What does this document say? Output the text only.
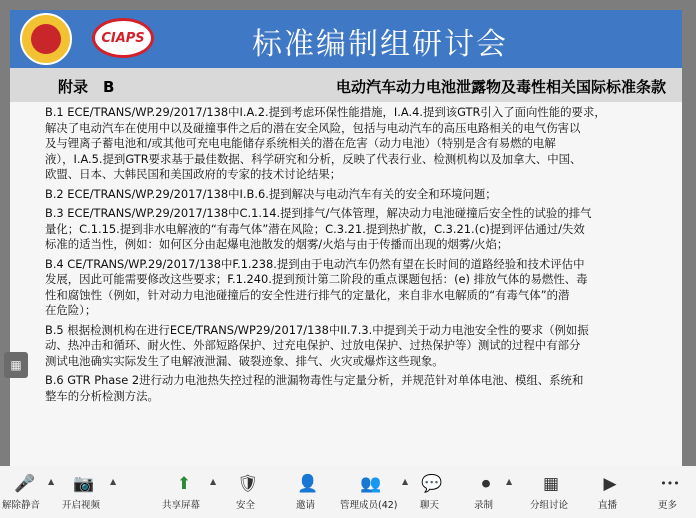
CIAPS	标准编制组研讨会
附录　B	电动汽车动力电池泄露物及毒性相关国际标准条款
B.1 ECE/TRANS/WP.29/2017/138中I.A.2.提到考虑环保性能措施，I.A.4.提到该GTR引入了面向性能的要求，
解决了电动汽车在使用中以及碰撞事件之后的潜在安全风险，包括与电动汽车的高压电路相关的电气伤害以
及与锂离子蓄电池和/或其他可充电电能储存系统相关的潜在危害（动力电池）（特别是含有易燃的电解
液），I.A.5.提到GTR要求基于最佳数据、科学研究和分析，反映了代表行业、检测机构以及加拿大、中国、
欧盟、日本、大韩民国和美国政府的专家的技术讨论结果；
B.2 ECE/TRANS/WP.29/2017/138中I.B.6.提到解决与电动汽车有关的安全和环境问题；
B.3 ECE/TRANS/WP.29/2017/138中C.1.14.提到排气/气体管理，解决动力电池碰撞后安全性的试验的排气
量化；C.1.15.提到非水电解液的“有毒气体”潜在风险；C.3.21.提到热扩散，C.3.21.(c)提到评估通过/失效
标准的适当性，例如：如何区分由起爆电池散发的烟雾/火焰与由于传播而出现的烟雾/火焰；
B.4 CE/TRANS/WP.29/2017/138中F.1.238.提到由于电动汽车仍然有望在长时间的道路经验和技术评估中
发展，因此可能需要修改这些要求；F.1.240.提到预计第二阶段的重点课题包括：(e) 排放气体的易燃性、毒
性和腐蚀性（例如，针对动力电池碰撞后的安全性进行排气的定量化，来自非水电解质的“有毒气体”的潜
在危险）；
B.5 根据检测机构在进行ECE/TRANS/WP29/2017/138中II.7.3.中提到关于动力电池安全性的要求（例如振
动、热冲击和循环、耐火性、外部短路保护、过充电保护、过放电保护、过热保护等）测试的过程中有部分
测试电池确实实际发生了电解液泄漏、破裂迹象、排气、火灾或爆炸这些现象。
B.6 GTR Phase 2进行动力电池热失控过程的泄漏物毒性与定量分析，并规范针对单体电池、模组、系统和
整车的分析检测方法。
▦
🎤
解除静音
▲ 📷
开启视频
▲	⬆
共享屏幕
▲ 🛡
安全
👤
邀请
👥
管理成员(42)
▲ 💬
聊天
⏺
录制
▲	▦
分组讨论
▶
直播
•••
更多
